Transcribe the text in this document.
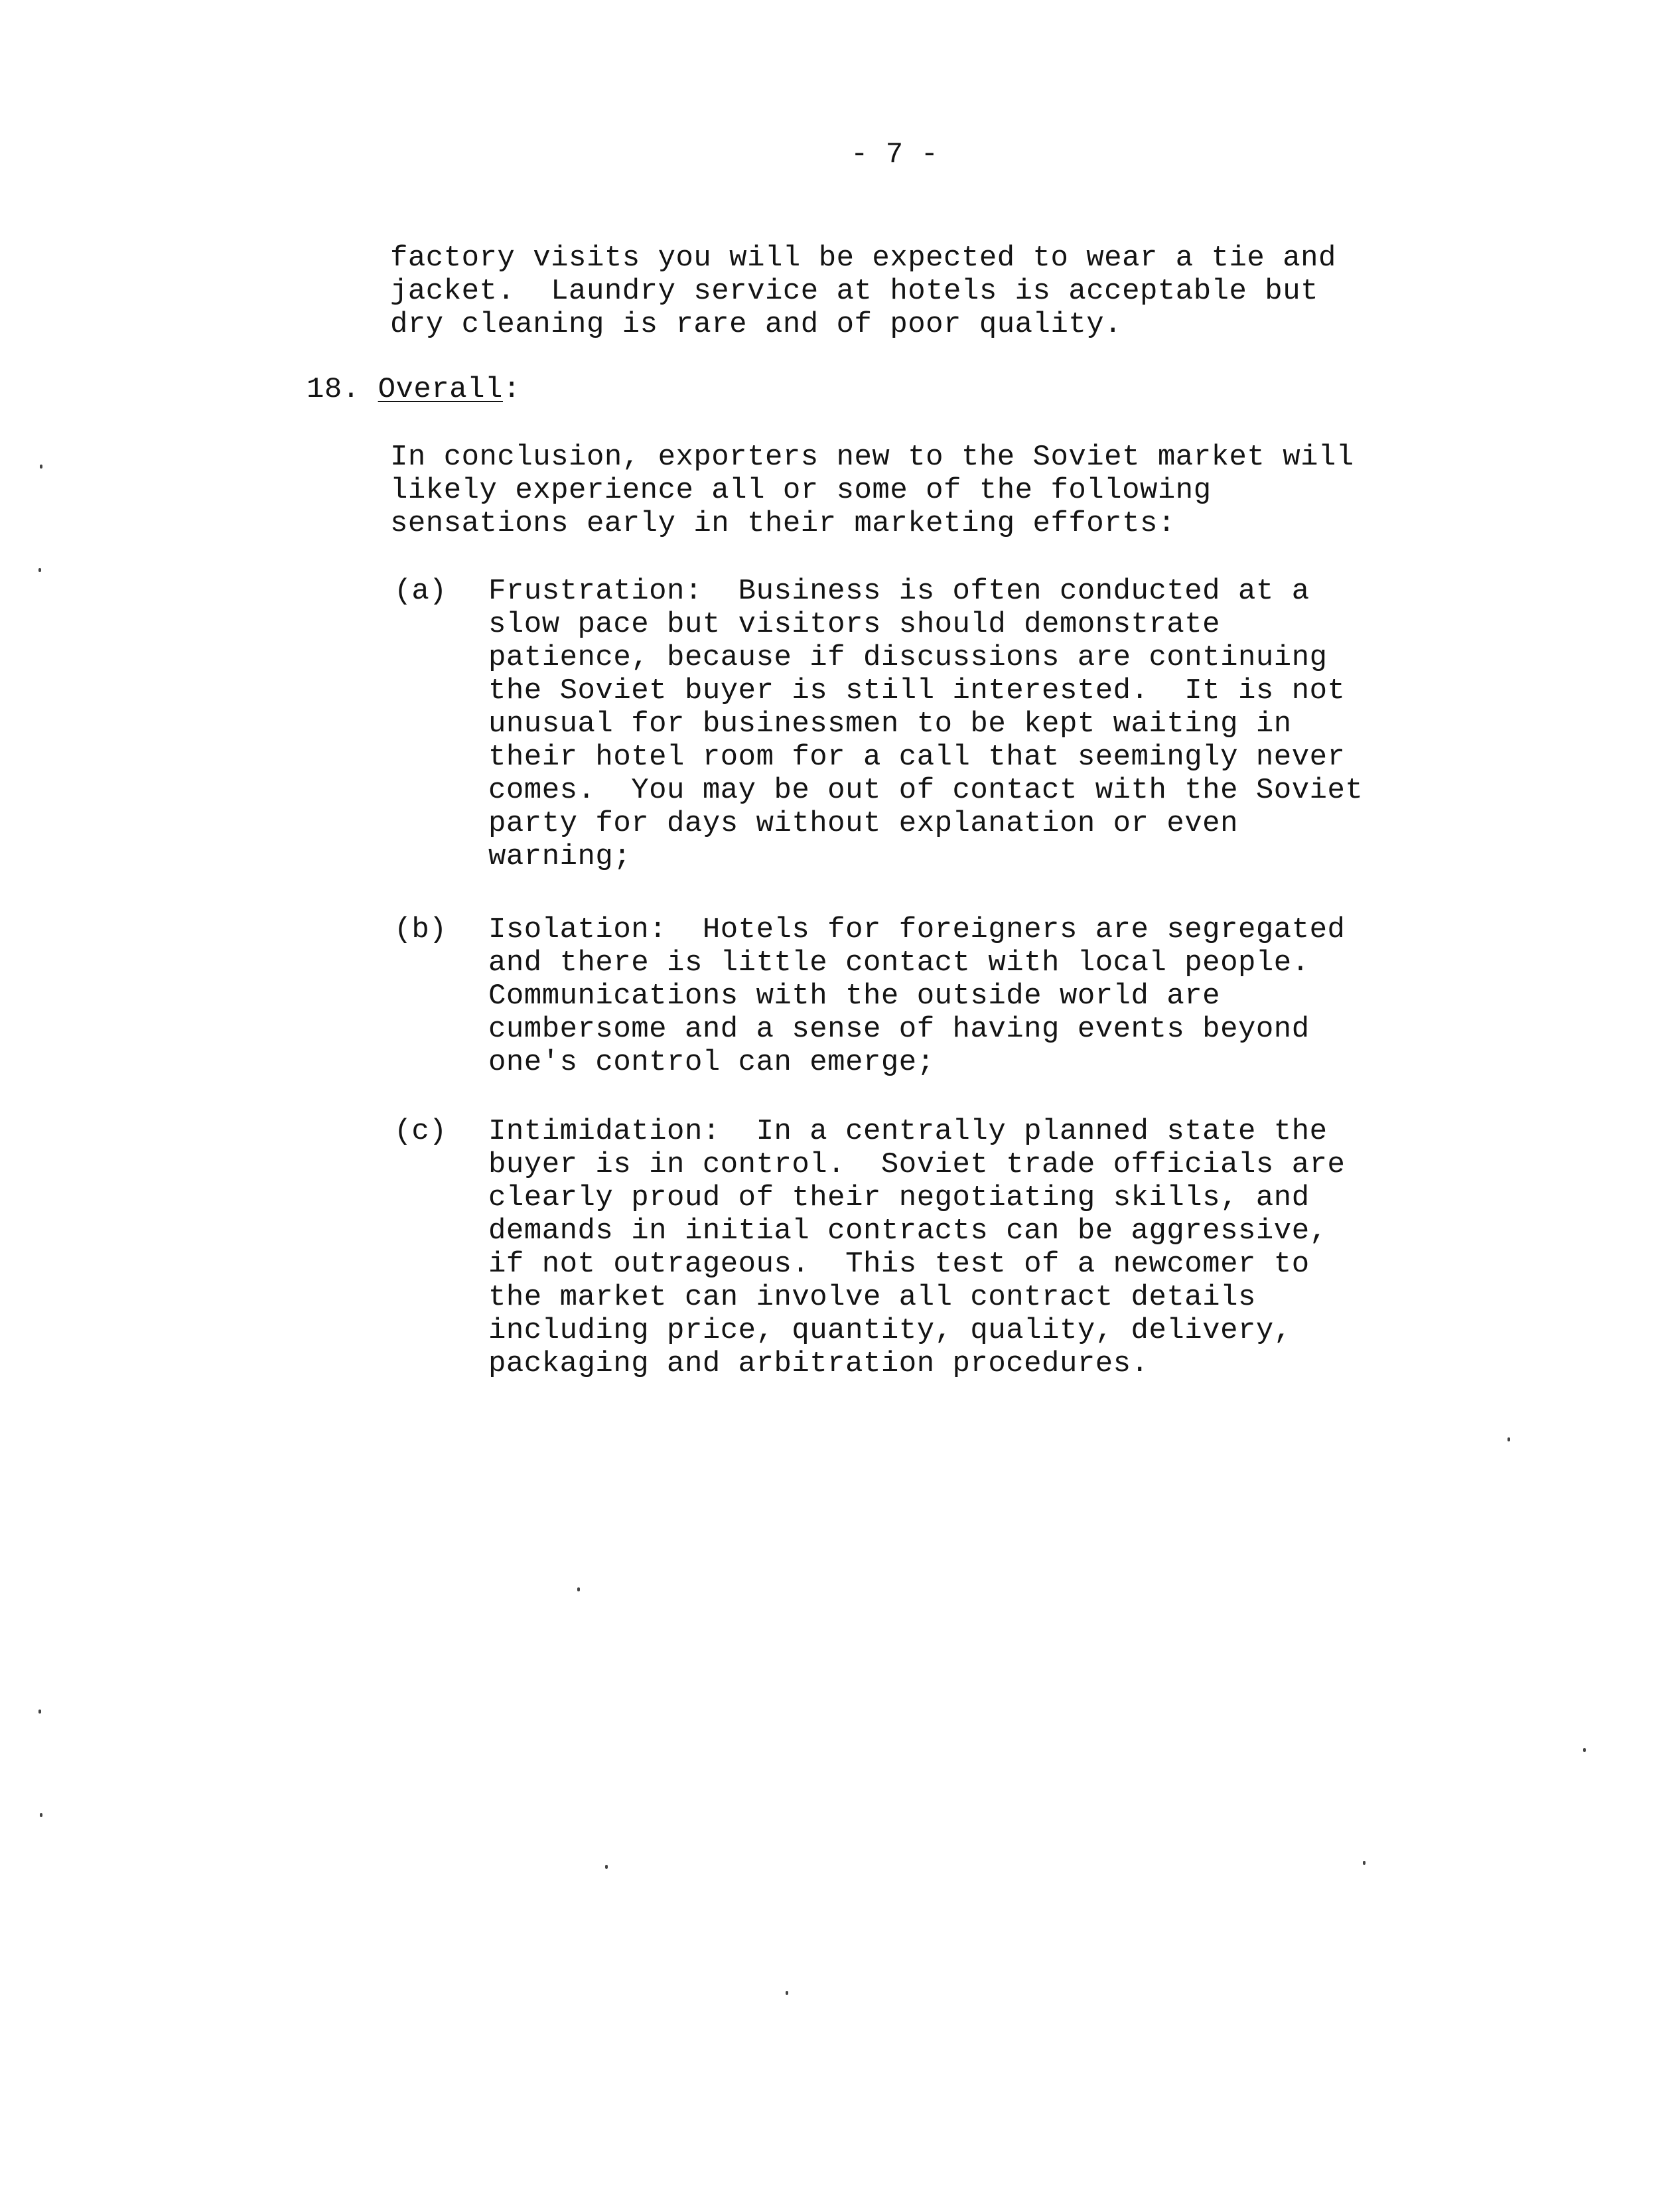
- 7 -
factory visits you will be expected to wear a tie and
jacket.  Laundry service at hotels is acceptable but
dry cleaning is rare and of poor quality.
18. Overall:
In conclusion, exporters new to the Soviet market will
likely experience all or some of the following
sensations early in their marketing efforts:
(a) Frustration:  Business is often conducted at a
slow pace but visitors should demonstrate
patience, because if discussions are continuing
the Soviet buyer is still interested.  It is not
unusual for businessmen to be kept waiting in
their hotel room for a call that seemingly never
comes.  You may be out of contact with the Soviet
party for days without explanation or even
warning;
(b) Isolation:  Hotels for foreigners are segregated
and there is little contact with local people.
Communications with the outside world are
cumbersome and a sense of having events beyond
one's control can emerge;
(c) Intimidation:  In a centrally planned state the
buyer is in control.  Soviet trade officials are
clearly proud of their negotiating skills, and
demands in initial contracts can be aggressive,
if not outrageous.  This test of a newcomer to
the market can involve all contract details
including price, quantity, quality, delivery,
packaging and arbitration procedures.
